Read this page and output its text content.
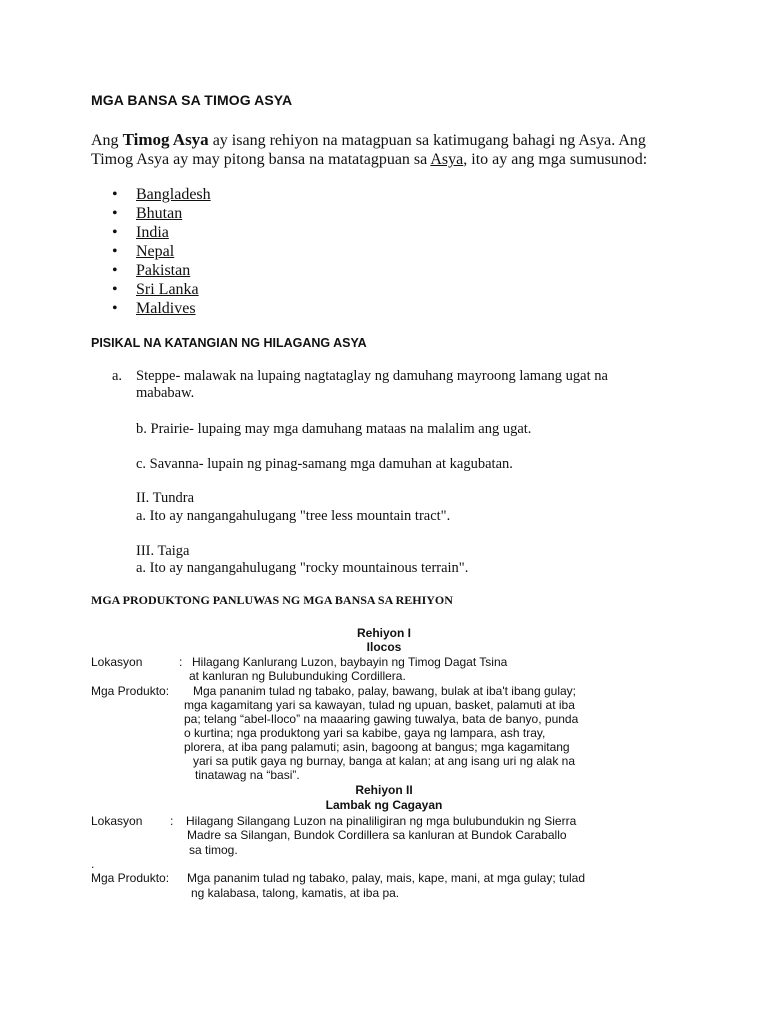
MGA BANSA SA TIMOG ASYA
Ang Timog Asya ay isang rehiyon na matagpuan sa katimugang bahagi ng Asya. Ang
Timog Asya ay may pitong bansa na matatagpuan sa Asya, ito ay ang mga sumusunod:
• Bangladesh
• Bhutan
• India
• Nepal
• Pakistan
• Sri Lanka
• Maldives
PISIKAL NA KATANGIAN NG HILAGANG ASYA
a. Steppe- malawak na lupaing nagtataglay ng damuhang mayroong lamang ugat na
mababaw.
b. Prairie- lupaing may mga damuhang mataas na malalim ang ugat.
c. Savanna- lupain ng pinag-samang mga damuhan at kagubatan.
II. Tundra
a. Ito ay nangangahulugang "tree less mountain tract".
III. Taiga
a. Ito ay nangangahulugang "rocky mountainous terrain".
MGA PRODUKTONG PANLUWAS NG MGA BANSA SA REHIYON
Rehiyon I
Ilocos
Lokasyon	: Hilagang Kanlurang Luzon, baybayin ng Timog Dagat Tsina
at kanluran ng Bulubunduking Cordillera.
Mga Produkto: Mga pananim tulad ng tabako, palay, bawang, bulak at iba't ibang gulay;
mga kagamitang yari sa kawayan, tulad ng upuan, basket, palamuti at iba
pa; telang “abel-Iloco” na maaaring gawing tuwalya, bata de banyo, punda
o kurtina; nga produktong yari sa kabibe, gaya ng lampara, ash tray,
plorera, at iba pang palamuti; asin, bagoong at bangus; mga kagamitang
yari sa putik gaya ng burnay, banga at kalan; at ang isang uri ng alak na
tinatawag na “basi”.
Rehiyon II
Lambak ng Cagayan
Lokasyon : Hilagang Silangang Luzon na pinaliligiran ng mga bulubundukin ng Sierra
Madre sa Silangan, Bundok Cordillera sa kanluran at Bundok Caraballo
sa timog.
.
Mga Produkto: Mga pananim tulad ng tabako, palay, mais, kape, mani, at mga gulay; tulad
ng kalabasa, talong, kamatis, at iba pa.
